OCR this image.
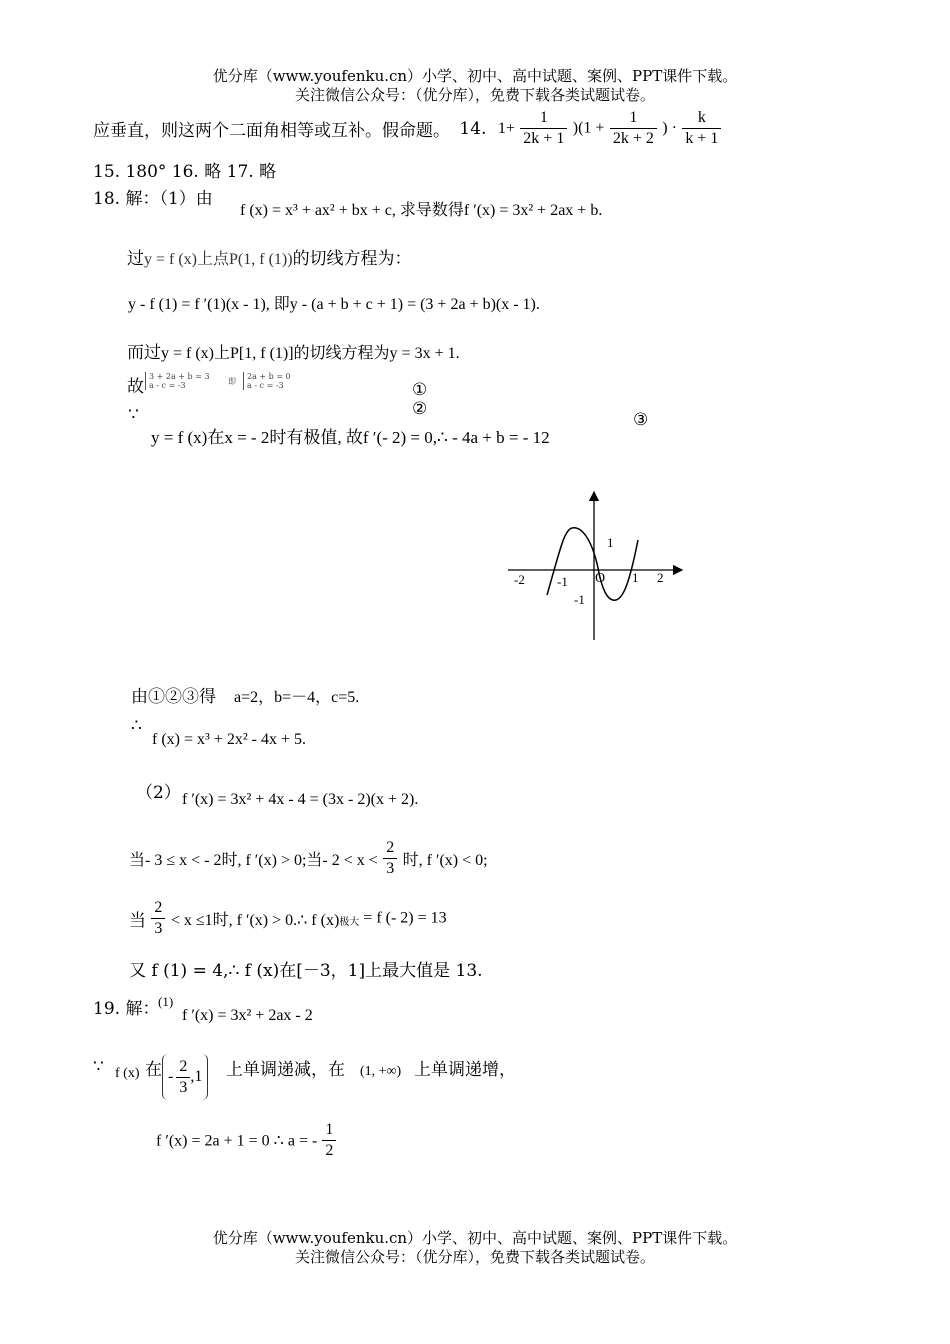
优分库（www.youfenku.cn）小学、初中、高中试题、案例、PPT课件下载。
关注微信公众号：（优分库），免费下载各类试题试卷。
应垂直，则这两个二面角相等或互补。假命题。 14. $1+ \frac{1}{2k + 1} )(1 + \frac{1}{2k + 2}$ ) · $\frac{k}{k + 1}$
15. 180° 16. 略 17. 略
18. 解：（1）由
f (x) = x³ + ax² + bx + c, 求导数得f ′(x) = 3x² + 2ax + b.
过y = f (x)上点P(1, f (1))的切线方程为：
y - f (1) = f ′(1)(x - 1), 即y - (a + b + c + 1) = (3 + 2a + b)(x - 1).
而过y = f (x)上P[1, f (1)]的切线方程为y = 3x + 1.
故
3 + 2a + b = 3
a - c = -3	即
2a + b = 0
a - c = -3	①
②
∵
y = f (x)在x = - 2时有极值, 故f ′(- 2) = 0,∴ - 4a + b = - 12
③
-2 -1 O 1 2
1
-1
由①②③得 a=2，b=－4，c=5.
∴
f (x) = x³ + 2x² - 4x + 5.
（2） f ′(x) = 3x² + 4x - 4 = (3x - 2)(x + 2).
当- 3 ≤ x < - 2时, f ′(x) > 0;当- $2 < x < \frac{2}{3}$ 时, f ′(x) < 0;
当 $\frac{2}{3} < x \le 1$时, f ′(x) > 0.∴ f (x)极大 = f (- 2) = 13
又 f (1) = 4,∴ f (x)在[－3，1]上最大值是 13.
19. 解：
(1)
f ′(x) = 3x² + 2ax - 2
∵ f (x) 在 - $\frac{2}{3} ,1$ 上单调递减，在 (1, +∞) 上单调递增，
f ′(x) = 2a + 1 = 0 ∴ a = - $\frac{1}{2}$
优分库（www.youfenku.cn）小学、初中、高中试题、案例、PPT课件下载。
关注微信公众号：（优分库），免费下载各类试题试卷。
